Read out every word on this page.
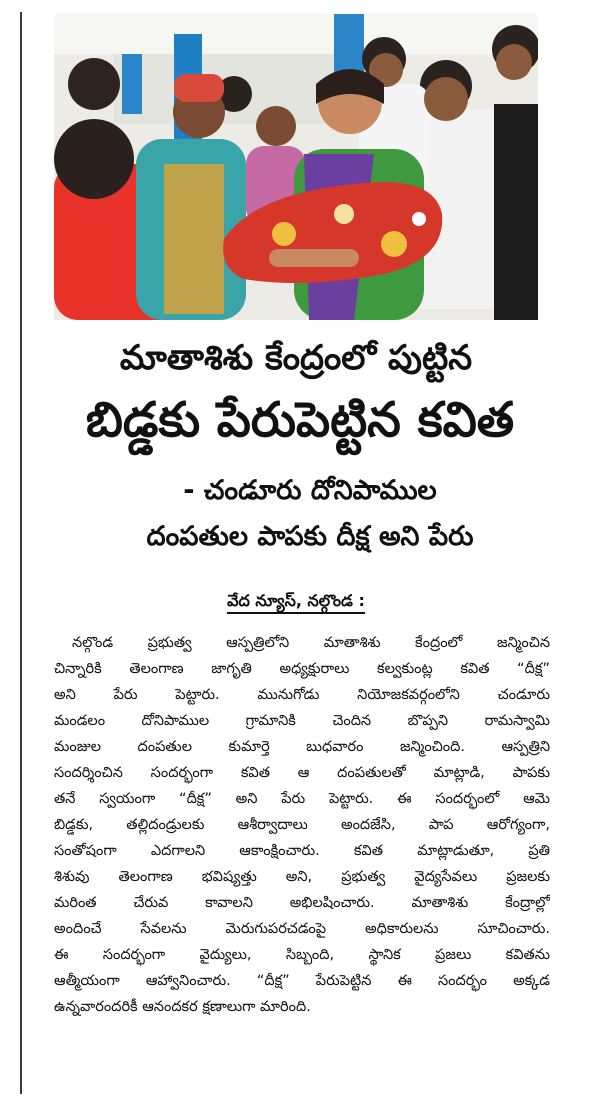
మాతాశిశు కేంద్రంలో పుట్టిన
బిడ్డకు పేరుపెట్టిన కవిత
- చండూరు దోనిపాముల
దంపతుల పాపకు దీక్ష అని పేరు
వేద న్యూస్, నల్గొండ :
నల్గొండ ప్రభుత్వ ఆస్పత్రిలోని మాతాశిశు కేంద్రంలో జన్మించిన
చిన్నారికి తెలంగాణ జాగృతి అధ్యక్షురాలు కల్వకుంట్ల కవిత “దీక్ష”
అని పేరు పెట్టారు. మునుగోడు నియోజకవర్గంలోని చండూరు
మండలం దోనిపాముల గ్రామానికి చెందిన బొప్పని రామస్వామి
మంజుల దంపతుల కుమార్తె బుధవారం జన్మించింది. ఆస్పత్రిని
సందర్శించిన సందర్భంగా కవిత ఆ దంపతులతో మాట్లాడి, పాపకు
తనే స్వయంగా “దీక్ష” అని పేరు పెట్టారు. ఈ సందర్భంలో ఆమె
బిడ్డకు, తల్లిదండ్రులకు ఆశీర్వాదాలు అందజేసి, పాప ఆరోగ్యంగా,
సంతోషంగా ఎదగాలని ఆకాంక్షించారు. కవిత మాట్లాడుతూ, ప్రతి
శిశువు తెలంగాణ భవిష్యత్తు అని, ప్రభుత్వ వైద్యసేవలు ప్రజలకు
మరింత చేరువ కావాలని అభిలషించారు. మాతాశిశు కేంద్రాల్లో
అందించే సేవలను మెరుగుపరచడంపై అధికారులను సూచించారు.
ఈ సందర్భంగా వైద్యులు, సిబ్బంది, స్థానిక ప్రజలు కవితను
ఆత్మీయంగా ఆహ్వానించారు. “దీక్ష” పేరుపెట్టిన ఈ సందర్భం అక్కడ
ఉన్నవారందరికీ ఆనందకర క్షణాలుగా మారింది.
